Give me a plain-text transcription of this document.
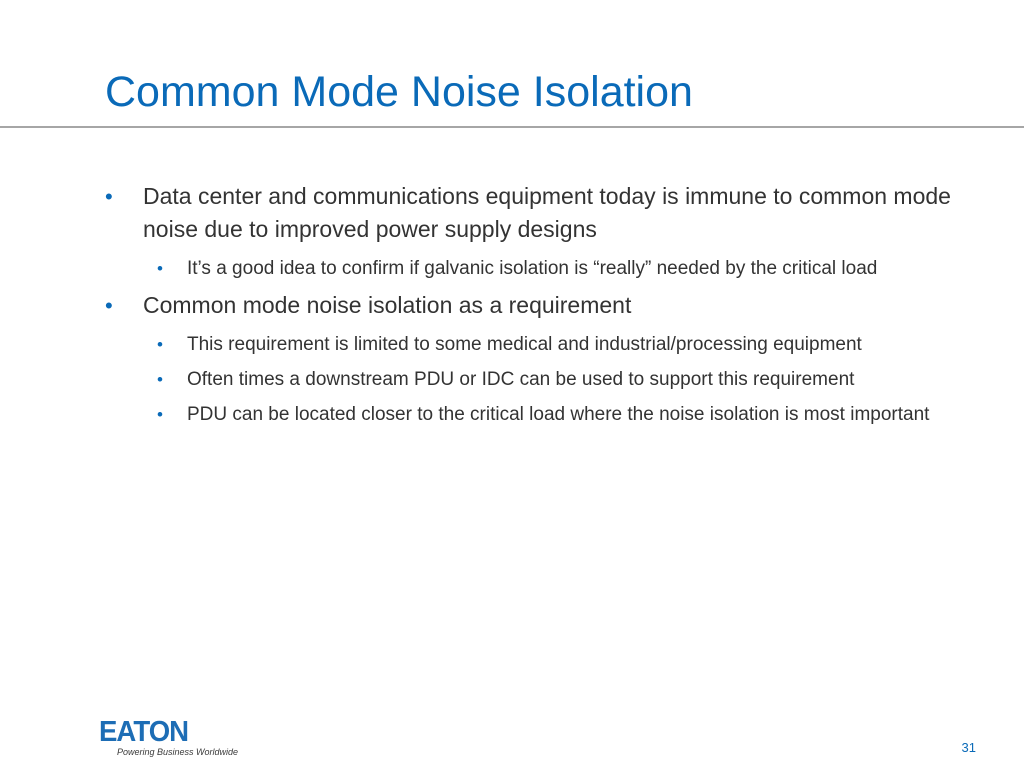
Common Mode Noise Isolation
• Data center and communications equipment today is immune to common mode noise due to improved power supply designs
• It’s a good idea to confirm if galvanic isolation is “really” needed by the critical load
• Common mode noise isolation as a requirement
• This requirement is limited to some medical and industrial/processing equipment
• Often times a downstream PDU or IDC can be used to support this requirement
• PDU can be located closer to the critical load where the noise isolation is most important
EATON
Powering Business Worldwide	31
